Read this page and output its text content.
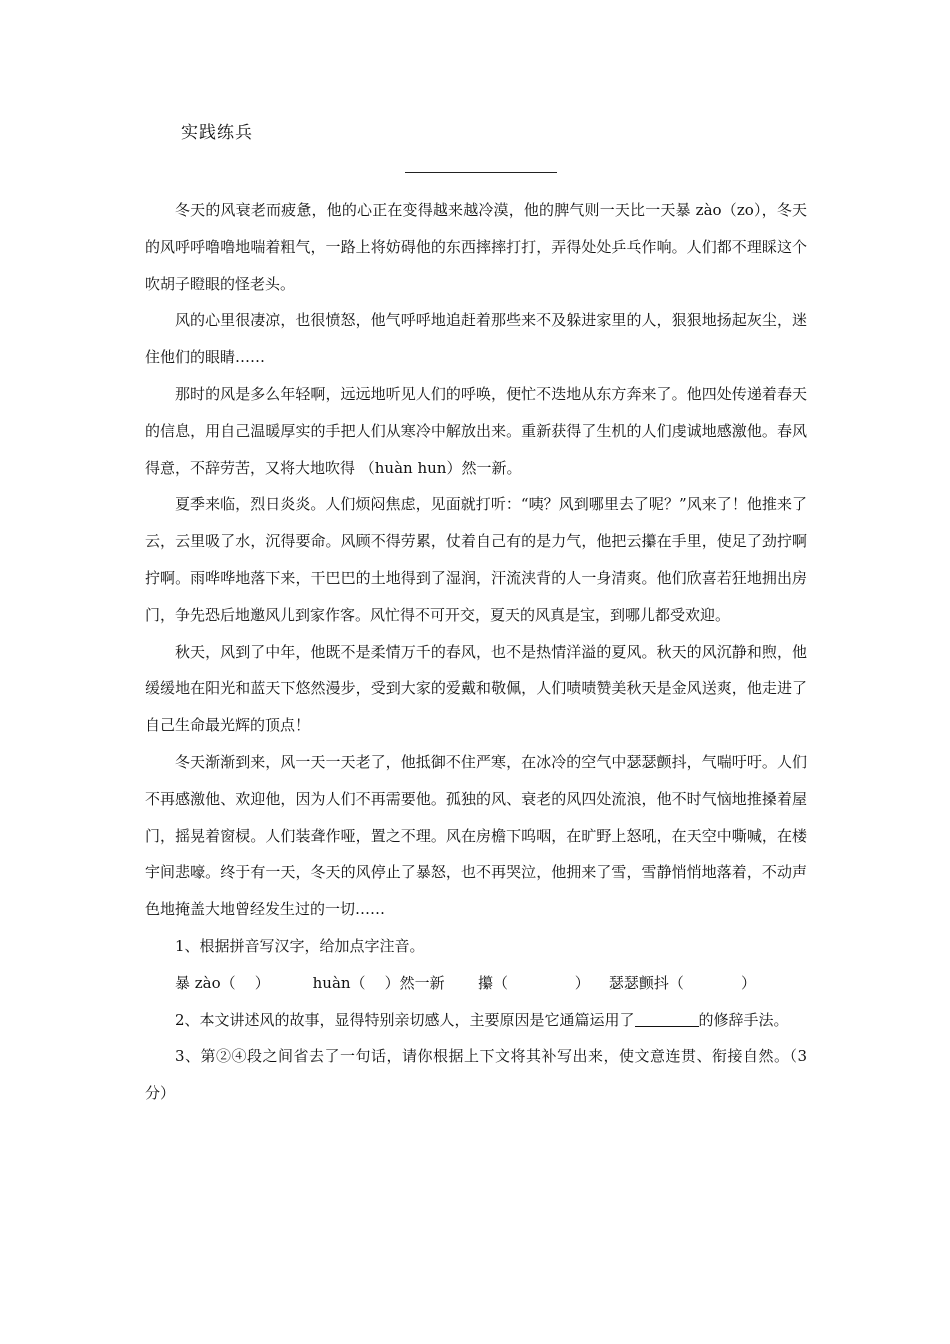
实践练兵

冬天的风衰老而疲惫，他的心正在变得越来越冷漠，他的脾气则一天比一天暴 zào（zo），冬天的风呼呼噜噜地喘着粗气，一路上将妨碍他的东西摔摔打打，弄得处处乒乓作响。人们都不理睬这个吹胡子瞪眼的怪老头。

风的心里很凄凉，也很愤怒，他气呼呼地追赶着那些来不及躲进家里的人，狠狠地扬起灰尘，迷住他们的眼睛……

那时的风是多么年轻啊，远远地听见人们的呼唤，便忙不迭地从东方奔来了。他四处传递着春天的信息，用自己温暖厚实的手把人们从寒冷中解放出来。重新获得了生机的人们虔诚地感激他。春风得意，不辞劳苦，又将大地吹得 （huàn hun）然一新。

夏季来临，烈日炎炎。人们烦闷焦虑，见面就打听：“咦？风到哪里去了呢？”风来了！他推来了云，云里吸了水，沉得要命。风顾不得劳累，仗着自己有的是力气，他把云攥在手里，使足了劲拧啊拧啊。雨哗哗地落下来，干巴巴的土地得到了湿润，汗流浃背的人一身清爽。他们欣喜若狂地拥出房门，争先恐后地邀风儿到家作客。风忙得不可开交，夏天的风真是宝，到哪儿都受欢迎。

秋天，风到了中年，他既不是柔情万千的春风，也不是热情洋溢的夏风。秋天的风沉静和煦，他缓缓地在阳光和蓝天下悠然漫步，受到大家的爱戴和敬佩，人们啧啧赞美秋天是金风送爽，他走进了自己生命最光辉的顶点！

冬天渐渐到来，风一天一天老了，他抵御不住严寒，在冰冷的空气中瑟瑟颤抖，气喘吁吁。人们不再感激他、欢迎他，因为人们不再需要他。孤独的风、衰老的风四处流浪，他不时气恼地推搡着屋门，摇晃着窗棂。人们装聋作哑，置之不理。风在房檐下呜咽，在旷野上怒吼，在天空中嘶喊，在楼宇间悲嚎。终于有一天，冬天的风停止了暴怒，也不再哭泣，他拥来了雪，雪静悄悄地落着，不动声色地掩盖大地曾经发生过的一切……

1、根据拼音写汉字，给加点字注音。

暴 zào（    ）         huàn（    ）然一新       攥（              ）    瑟瑟颤抖（            ）

2、本文讲述风的故事，显得特别亲切感人，主要原因是它通篇运用了	的修辞手法。

3、第②④段之间省去了一句话，请你根据上下文将其补写出来，使文意连贯、衔接自然。（3 分）
